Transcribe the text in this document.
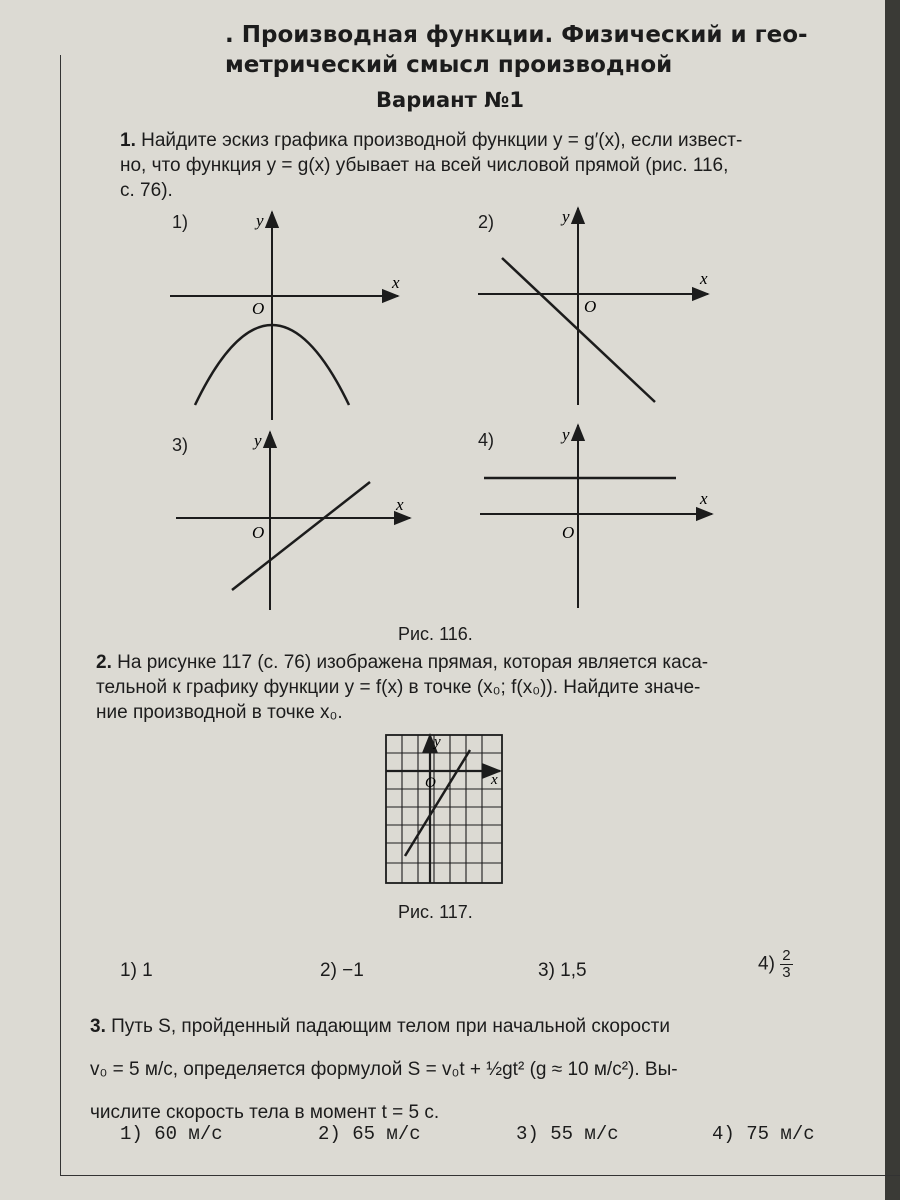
. Производная функции. Физический и гео-
метрический смысл производной
Вариант №1
1. Найдите эскиз графика производной функции y = g′(x), если извест-
но, что функция y = g(x) убывает на всей числовой прямой (рис. 116,
с. 76).
1)	2)
3)	4)
x
y
O
x
y
O
x
y
O
x
y
O
x
y
O
Рис. 116.
2. На рисунке 117 (с. 76) изображена прямая, которая является каса-
тельной к графику функции y = f(x) в точке (x₀; f(x₀)). Найдите значе-
ние производной в точке x₀.
Рис. 117.
1) 1	2) −1	3) 1,5	$4) \frac{2}{3}$
3. Путь S, пройденный падающим телом при начальной скорости
v₀ = 5 м/с, определяется формулой S = v₀t + ½gt² (g ≈ 10 м/с²). Вы-
числите скорость тела в момент t = 5 с.
1) 60 м/с	2) 65 м/с	3) 55 м/с	4) 75 м/с
